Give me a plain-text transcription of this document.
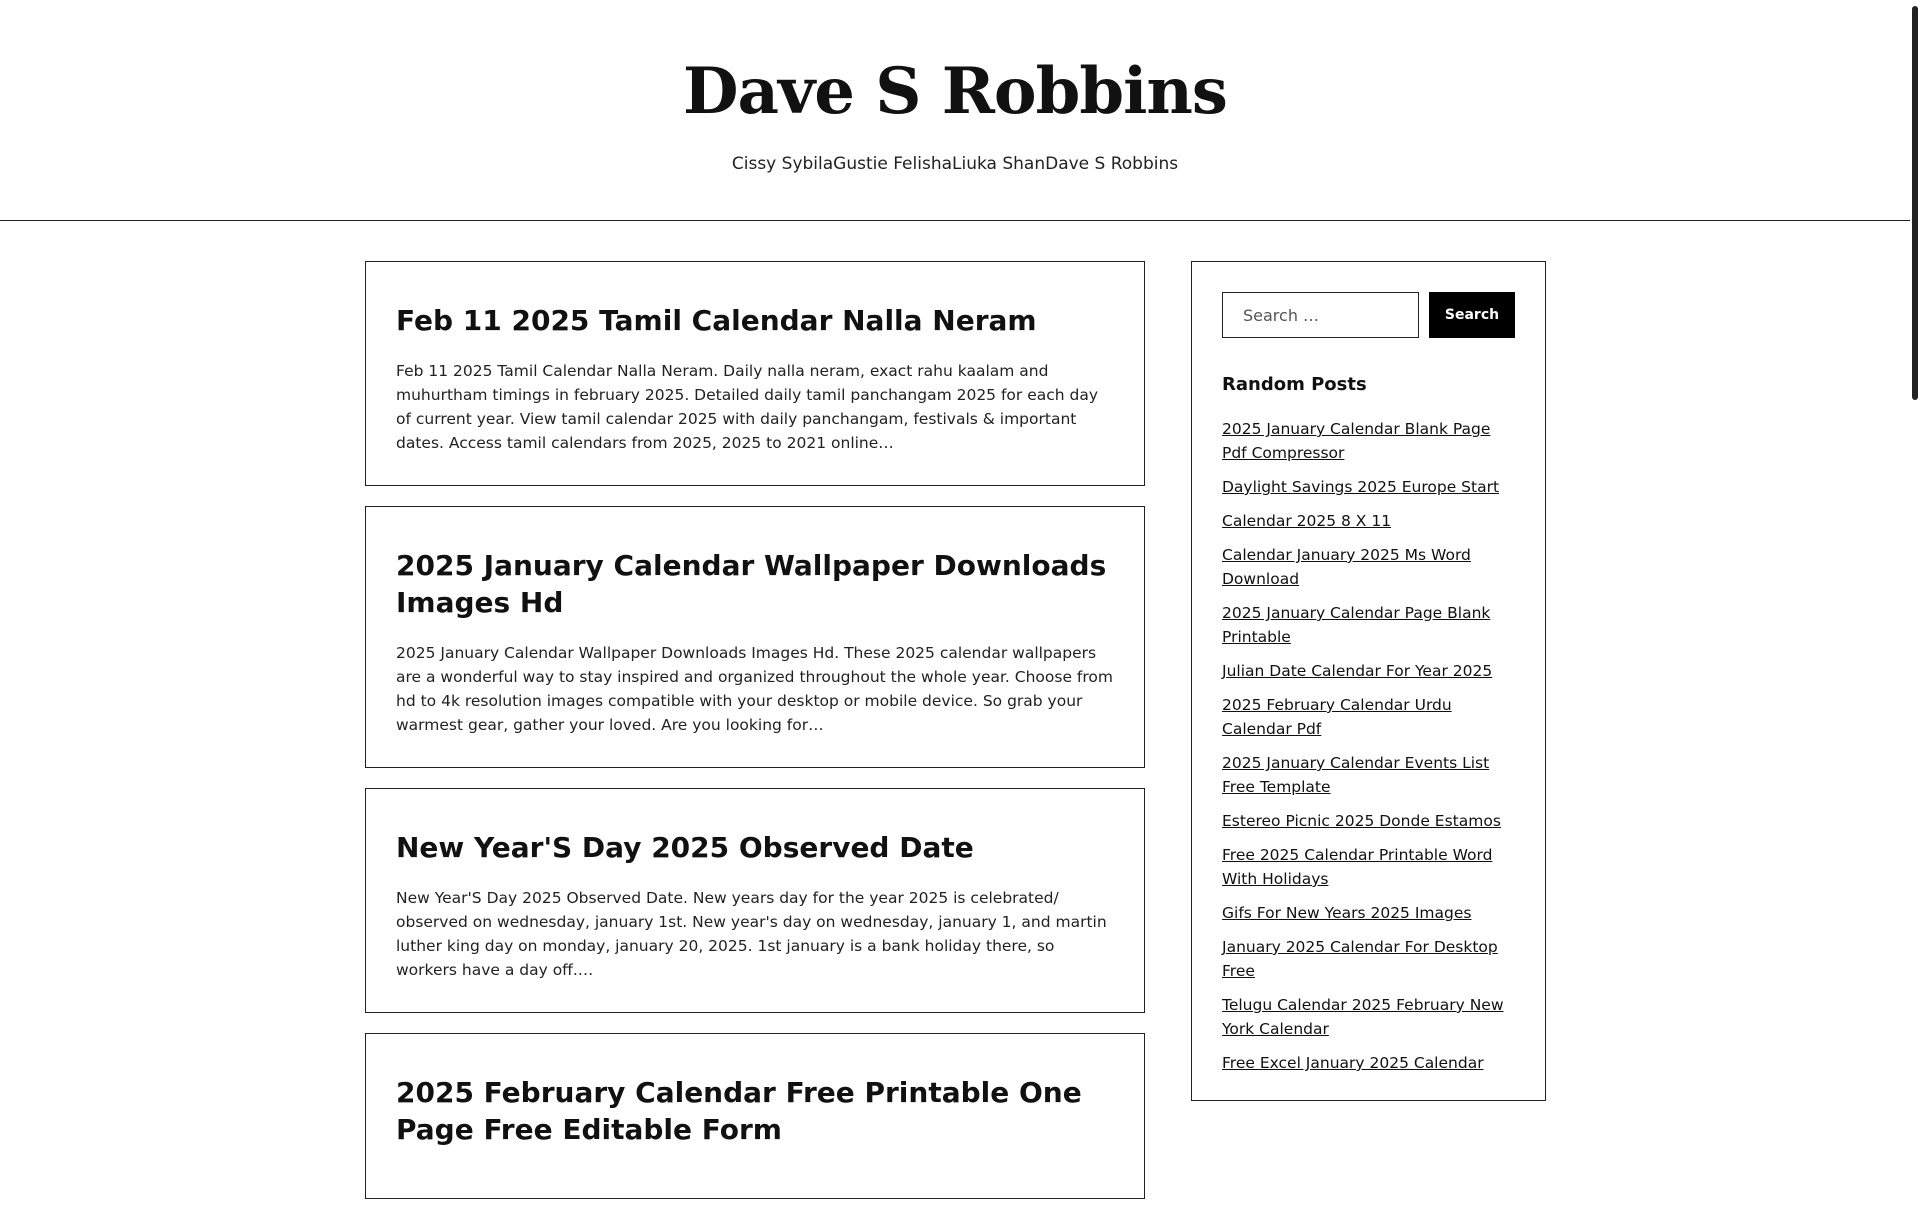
Dave S Robbins
Cissy SybilaGustie FelishaLiuka ShanDave S Robbins
Feb 11 2025 Tamil Calendar Nalla Neram

Feb 11 2025 Tamil Calendar Nalla Neram. Daily nalla neram, exact rahu kaalam and muhurtham timings in february 2025. Detailed daily tamil panchangam 2025 for each day of current year. View tamil calendar 2025 with daily panchangam, festivals & important dates. Access tamil calendars from 2025, 2025 to 2021 online…

2025 January Calendar Wallpaper Downloads Images Hd

2025 January Calendar Wallpaper Downloads Images Hd. These 2025 calendar wallpapers are a wonderful way to stay inspired and organized throughout the whole year. Choose from hd to 4k resolution images compatible with your desktop or mobile device. So grab your warmest gear, gather your loved. Are you looking for…

New Year'S Day 2025 Observed Date

New Year'S Day 2025 Observed Date. New years day for the year 2025 is celebrated/ observed on wednesday, january 1st. New year's day on wednesday, january 1, and martin luther king day on monday, january 20, 2025. 1st january is a bank holiday there, so workers have a day off.…

2025 February Calendar Free Printable One Page Free Editable Form
Search …
Search
Random Posts
2025 January Calendar Blank Page Pdf Compressor
Daylight Savings 2025 Europe Start
Calendar 2025 8 X 11
Calendar January 2025 Ms Word Download
2025 January Calendar Page Blank Printable
Julian Date Calendar For Year 2025
2025 February Calendar Urdu Calendar Pdf
2025 January Calendar Events List Free Template
Estereo Picnic 2025 Donde Estamos
Free 2025 Calendar Printable Word With Holidays
Gifs For New Years 2025 Images
January 2025 Calendar For Desktop Free
Telugu Calendar 2025 February New York Calendar
Free Excel January 2025 Calendar
